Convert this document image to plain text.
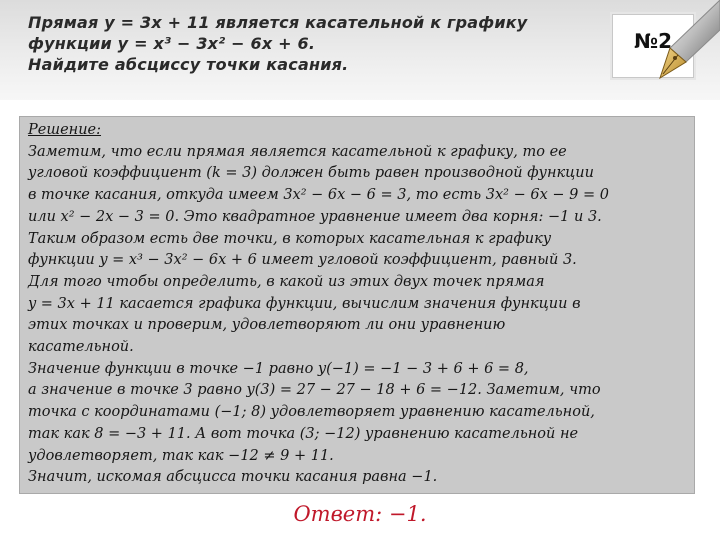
Прямая y = 3x + 11 является касательной к графику
функции y = x³ − 3x² − 6x + 6.
Найдите абсциссу точки касания.
№2
Решение:
Заметим, что если прямая является касательной к графику, то ее
угловой коэффициент (k = 3) должен быть равен производной функции
в точке касания, откуда имеем 3x² − 6x − 6 = 3, то есть 3x² − 6x − 9 = 0
или x² − 2x − 3 = 0. Это квадратное уравнение имеет два корня: −1 и 3.
Таким образом есть две точки, в которых касательная к графику
функции y = x³ − 3x² − 6x + 6 имеет угловой коэффициент, равный 3.
Для того чтобы определить, в какой из этих двух точек прямая
y = 3x + 11 касается графика функции, вычислим значения функции в
этих точках и проверим, удовлетворяют ли они уравнению
касательной.
Значение функции в точке −1 равно y(−1) = −1 − 3 + 6 + 6 = 8,
а значение в точке 3 равно y(3) = 27 − 27 − 18 + 6 = −12. Заметим, что
точка с координатами (−1; 8) удовлетворяет уравнению касательной,
так как 8 = −3 + 11. А вот точка (3; −12) уравнению касательной не
удовлетворяет, так как −12 ≠ 9 + 11.
Значит, искомая абсцисса точки касания равна −1.
Ответ: −1.
